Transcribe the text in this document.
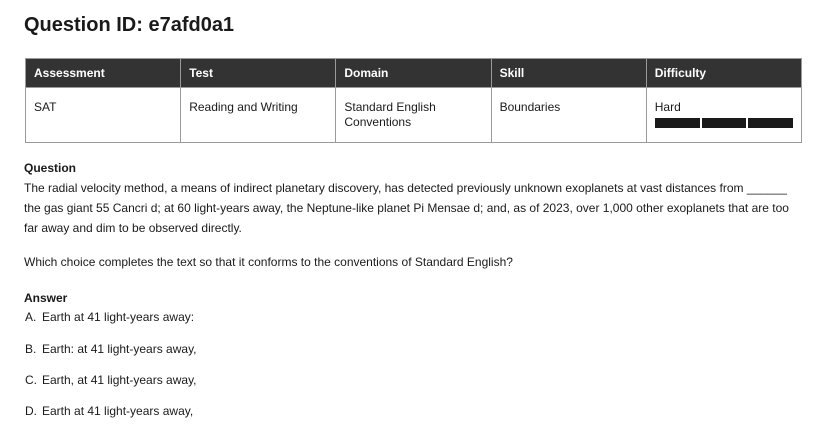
Question ID: e7afd0a1
Assessment	Test	Domain	Skill	Difficulty
SAT	Reading and Writing	Standard English Conventions	Boundaries	Hard
Question
The radial velocity method, a means of indirect planetary discovery, has detected previously unknown exoplanets at vast distances from ______ the gas giant 55 Cancri d; at 60 light-years away, the Neptune-like planet Pi Mensae d; and, as of 2023, over 1,000 other exoplanets that are too far away and dim to be observed directly.
Which choice completes the text so that it conforms to the conventions of Standard English?
Answer
A. Earth at 41 light-years away:
B. Earth: at 41 light-years away,
C. Earth, at 41 light-years away,
D. Earth at 41 light-years away,
